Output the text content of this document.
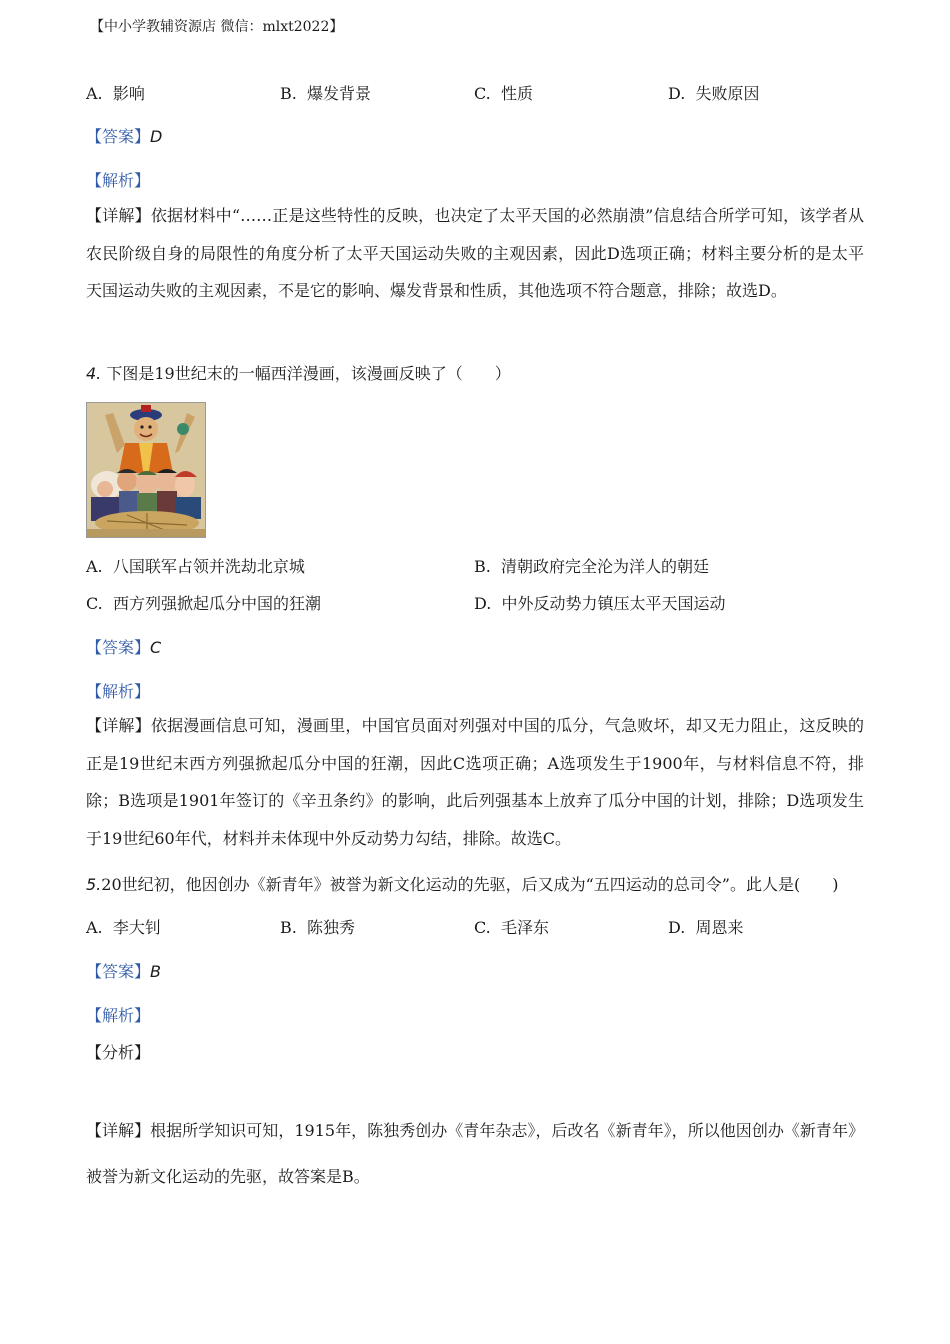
【中小学教辅资源店 微信：mlxt2022】
A. 影响	B. 爆发背景	C. 性质	D. 失败原因
【答案】D
【解析】
【详解】依据材料中“……正是这些特性的反映，也决定了太平天国的必然崩溃”信息结合所学可知，该学者从农民阶级自身的局限性的角度分析了太平天国运动失败的主观因素，因此D选项正确；材料主要分析的是太平天国运动失败的主观因素，不是它的影响、爆发背景和性质，其他选项不符合题意，排除；故选D。
4. 下图是19世纪末的一幅西洋漫画，该漫画反映了（　　）
A. 八国联军占领并洗劫北京城	B. 清朝政府完全沦为洋人的朝廷
C. 西方列强掀起瓜分中国的狂潮	D. 中外反动势力镇压太平天国运动
【答案】C
【解析】
【详解】依据漫画信息可知，漫画里，中国官员面对列强对中国的瓜分，气急败坏，却又无力阻止，这反映的正是19世纪末西方列强掀起瓜分中国的狂潮，因此C选项正确；A选项发生于1900年，与材料信息不符，排除；B选项是1901年签订的《辛丑条约》的影响，此后列强基本上放弃了瓜分中国的计划，排除；D选项发生于19世纪60年代，材料并未体现中外反动势力勾结，排除。故选C。
5.20世纪初，他因创办《新青年》被誉为新文化运动的先驱，后又成为“五四运动的总司令”。此人是(　　)
A. 李大钊	B. 陈独秀	C. 毛泽东	D. 周恩来
【答案】B
【解析】
【分析】
【详解】根据所学知识可知，1915年，陈独秀创办《青年杂志》，后改名《新青年》，所以他因创办《新青年》被誉为新文化运动的先驱，故答案是B。
